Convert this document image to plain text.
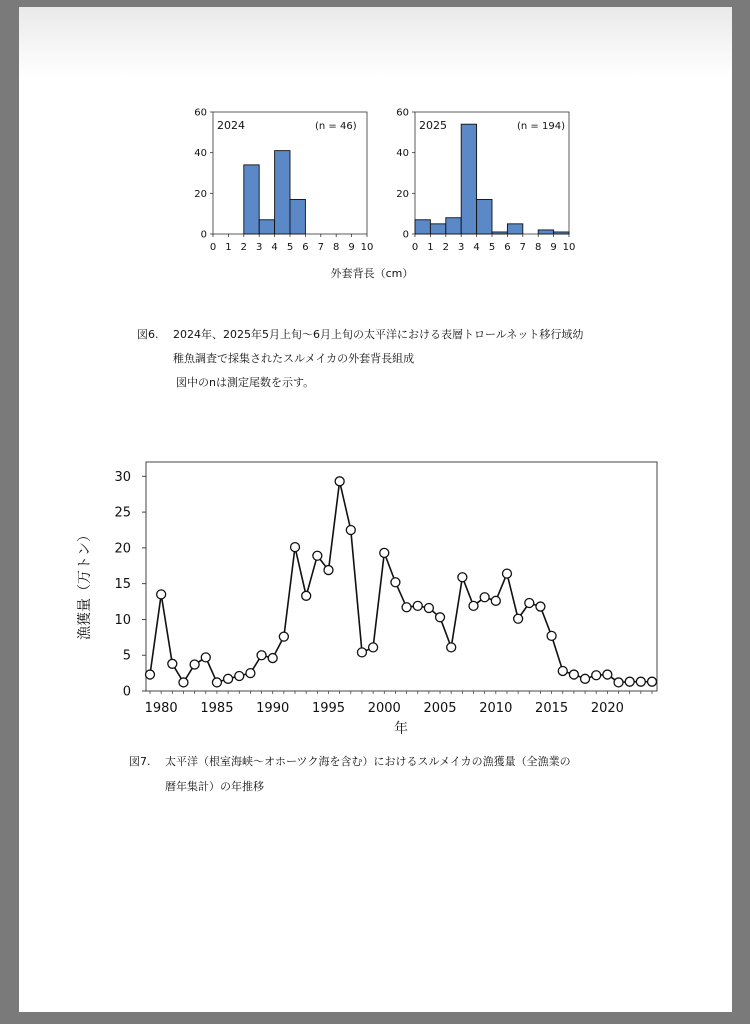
0
20
40
60
0 1 2 3 4 5 6 7 8 9 10
2024	(n = 46)
0
20
40
60
0 1 2 3 4 5 6 7 8 9 10
2025	(n = 194)
外套背長（cm）
図6. 2024年、2025年5月上旬～6月上旬の太平洋における表層トロールネット移行域幼
稚魚調査で採集されたスルメイカの外套背長組成
図中のnは測定尾数を示す。
0
5
10
15
20
25
30
1980 1985 1990 1995 2000 2005 2010 2015 2020
年
漁獲量（万トン）
図7. 太平洋（根室海峡～オホーツク海を含む）におけるスルメイカの漁獲量（全漁業の
暦年集計）の年推移
